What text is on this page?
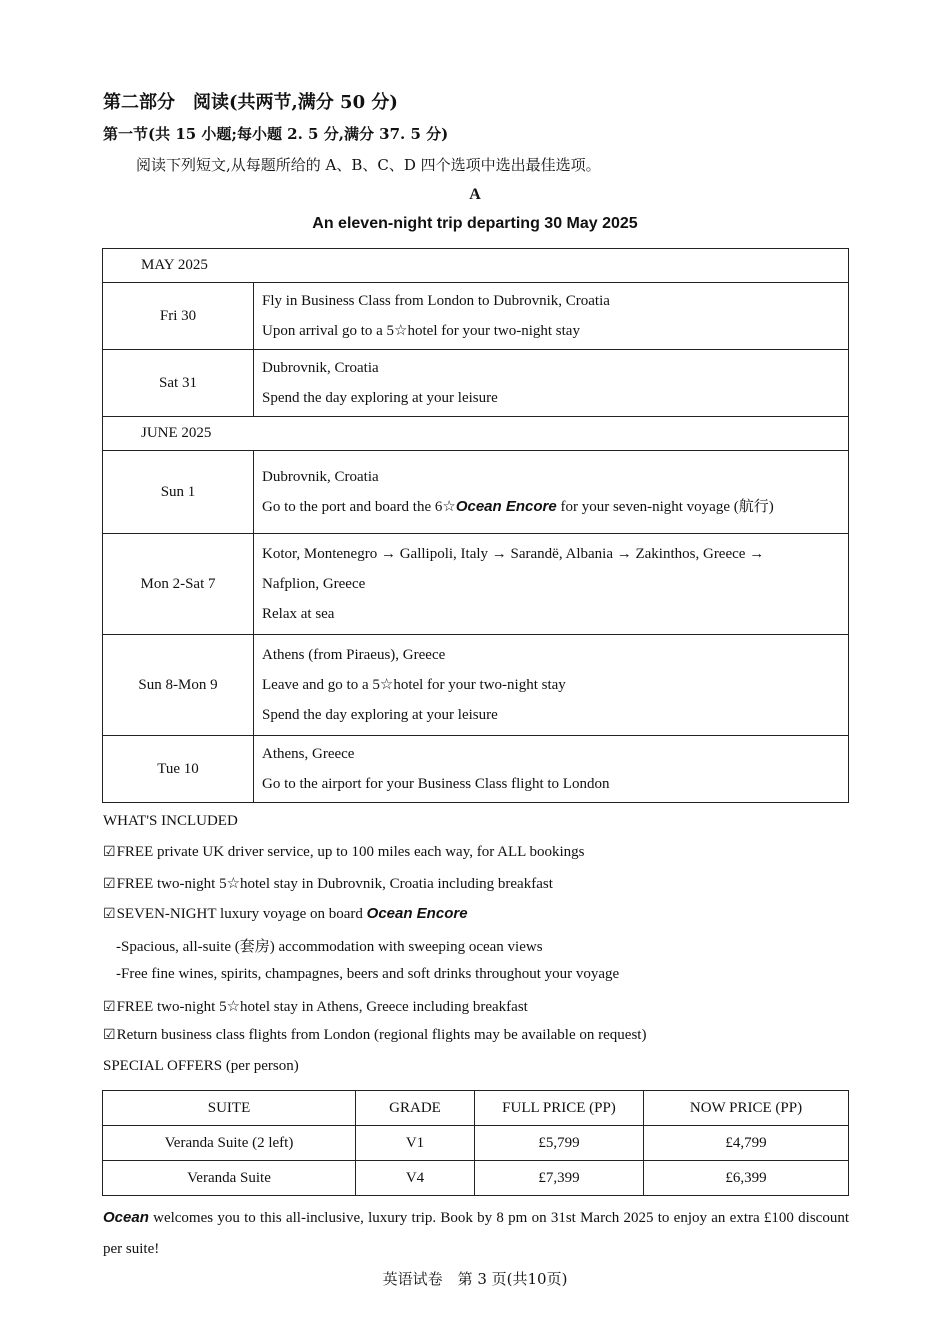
第二部分　阅读(共两节,满分 50 分)
第一节(共 15 小题;每小题 2. 5 分,满分 37. 5 分)
阅读下列短文,从每题所给的 A、B、C、D 四个选项中选出最佳选项。
A
An eleven-night trip departing 30 May 2025
MAY 2025	
Fri 30	Fly in Business Class from London to Dubrovnik, Croatia
Upon arrival go to a 5☆hotel for your two-night stay

Sat 31	Dubrovnik, Croatia
Spend the day exploring at your leisure

JUNE 2025	
Sun 1	Dubrovnik, Croatia
Go to the port and board the 6☆Ocean Encore for your seven-night voyage (航行)

Mon 2-Sat 7	Kotor, Montenegro → Gallipoli, Italy → Sarandë, Albania → Zakinthos, Greece →
Nafplion, Greece
Relax at sea

Sun 8-Mon 9	Athens (from Piraeus), Greece
Leave and go to a 5☆hotel for your two-night stay
Spend the day exploring at your leisure

Tue 10	Athens, Greece
Go to the airport for your Business Class flight to London
WHAT'S INCLUDED
☑FREE private UK driver service, up to 100 miles each way, for ALL bookings
☑FREE two-night 5☆hotel stay in Dubrovnik, Croatia including breakfast
☑SEVEN-NIGHT luxury voyage on board Ocean Encore
-Spacious, all-suite (套房) accommodation with sweeping ocean views
-Free fine wines, spirits, champagnes, beers and soft drinks throughout your voyage
☑FREE two-night 5☆hotel stay in Athens, Greece including breakfast
☑Return business class flights from London (regional flights may be available on request)
SPECIAL OFFERS (per person)
SUITE	GRADE	FULL PRICE (PP)	NOW PRICE (PP)
Veranda Suite (2 left)	V1	£5,799	£4,799
Veranda Suite	V4	£7,399	£6,399
Ocean welcomes you to this all-inclusive, luxury trip. Book by 8 pm on 31st March 2025 to enjoy an extra £100 discount per suite!
英语试卷　第 3 页(共10页)
